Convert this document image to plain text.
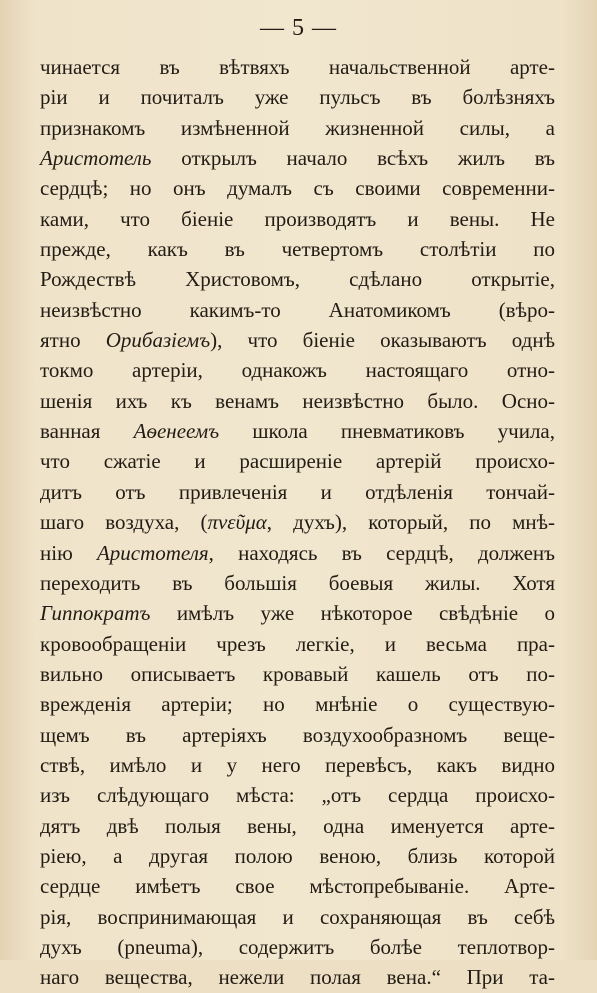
— 5 —
чинается въ вѣтвяхъ начальственной арте-
ріи и почиталъ уже пульсъ въ болѣзняхъ
признакомъ измѣненной жизненной силы, а
Аристотель открылъ начало всѣхъ жилъ въ
сердцѣ; но онъ думалъ съ своими современни-
ками, что біеніе производятъ и вены. Не
прежде, какъ въ четвертомъ столѣтіи по
Рождествѣ Христовомъ, сдѣлано открытіе,
неизвѣстно какимъ-то Анатомикомъ (вѣро-
ятно Орибазіемъ), что біеніе оказываютъ однѣ
токмо артеріи, однакожъ настоящаго отно-
шенія ихъ къ венамъ неизвѣстно было. Осно-
ванная Аѳенеемъ школа пневматиковъ учила,
что сжатіе и расширеніе артерій происхо-
дитъ отъ привлеченія и отдѣленія тончай-
шаго воздуха, (πνεῦμα, духъ), который, по мнѣ-
нію Аристотеля, находясь въ сердцѣ, долженъ
переходить въ большія боевыя жилы. Хотя
Гиппократъ имѣлъ уже нѣкоторое свѣдѣніе о
кровообращеніи чрезъ легкіе, и весьма пра-
вильно описываетъ кровавый кашель отъ по-
врежденія артеріи; но мнѣніе о существую-
щемъ въ артеріяхъ воздухообразномъ веще-
ствѣ, имѣло и у него перевѣсъ, какъ видно
изъ слѣдующаго мѣста: „отъ сердца происхо-
дятъ двѣ полыя вены, одна именуется арте-
ріею, а другая полою веною, близь которой
сердце имѣетъ свое мѣстопребываніе. Арте-
рія, воспринимающая и сохраняющая въ себѣ
духъ (pneuma), содержитъ болѣе теплотвор-
наго вещества, нежели полая вена.“ При та-
